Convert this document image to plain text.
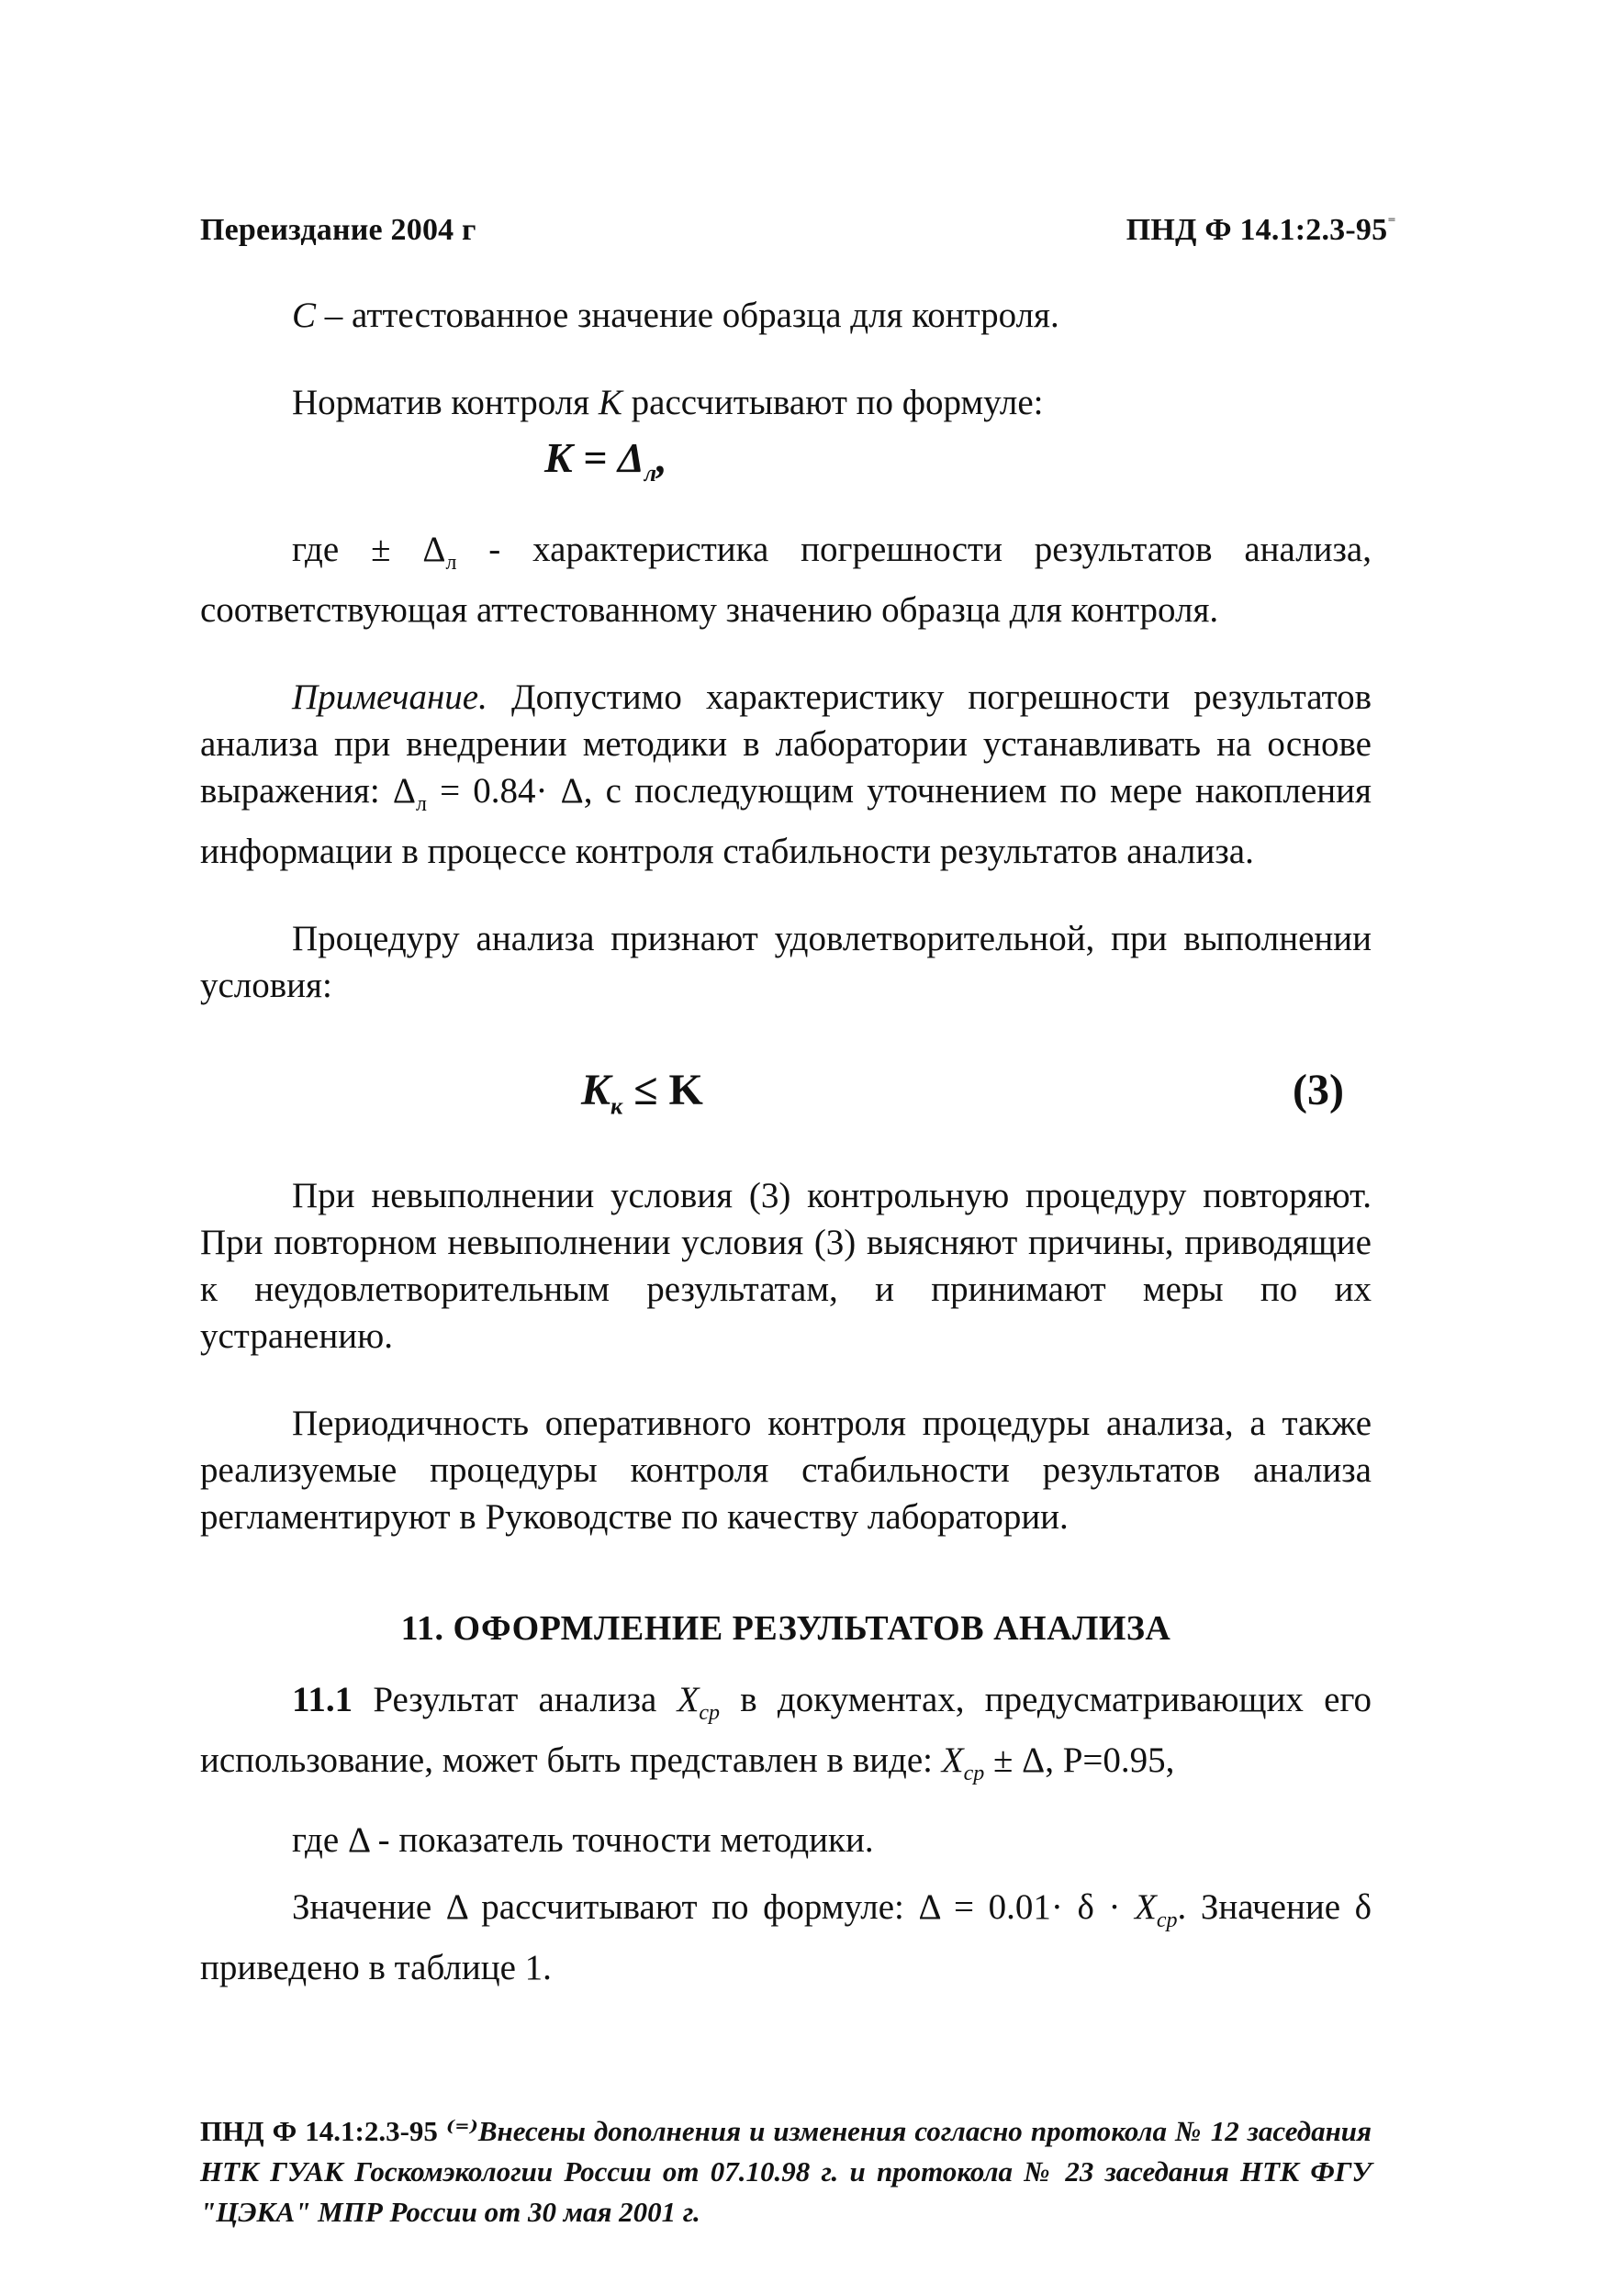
Переиздание 2004 г	ПНД Ф 14.1:2.3-95⁼

C – аттестованное значение образца для контроля.

Норматив контроля K рассчитывают по формуле:

$K = \Delta_л$,

где ± $\Delta_л$ - характеристика погрешности результатов анализа, соответствующая аттестованному значению образца для контроля.

Примечание. Допустимо характеристику погрешности результатов анализа при внедрении методики в лаборатории устанавливать на основе выражения: $\Delta_л = 0.84\cdot \Delta$, с последующим уточнением по мере накопления информации в процессе контроля стабильности результатов анализа.

Процедуру анализа признают удовлетворительной, при выполнении условия:

$K_к \le K$	(3)

При невыполнении условия (3) контрольную процедуру повторяют. При повторном невыполнении условия (3) выясняют причины, приводящие к неудовлетворительным результатам, и принимают меры по их устранению.

Периодичность оперативного контроля процедуры анализа, а также реализуемые процедуры контроля стабильности результатов анализа регламентируют в Руководстве по качеству лаборатории.

11. ОФОРМЛЕНИЕ РЕЗУЛЬТАТОВ АНАЛИЗА

11.1 Результат анализа $X_{ср}$ в документах, предусматривающих его использование, может быть представлен в виде: $X_{ср} \pm \Delta$, P=0.95,

где Δ - показатель точности методики.

Значение Δ рассчитывают по формуле: $\Delta = 0.01\cdot \delta \cdot X_{ср}$. Значение δ приведено в таблице 1.

ПНД Ф 14.1:2.3-95 ⁽⁼⁾Внесены дополнения и изменения согласно протокола № 12 заседания НТК ГУАК Госкомэкологии России от 07.10.98 г. и протокола № 23 заседания НТК ФГУ "ЦЭКА" МПР России от 30 мая 2001 г.
